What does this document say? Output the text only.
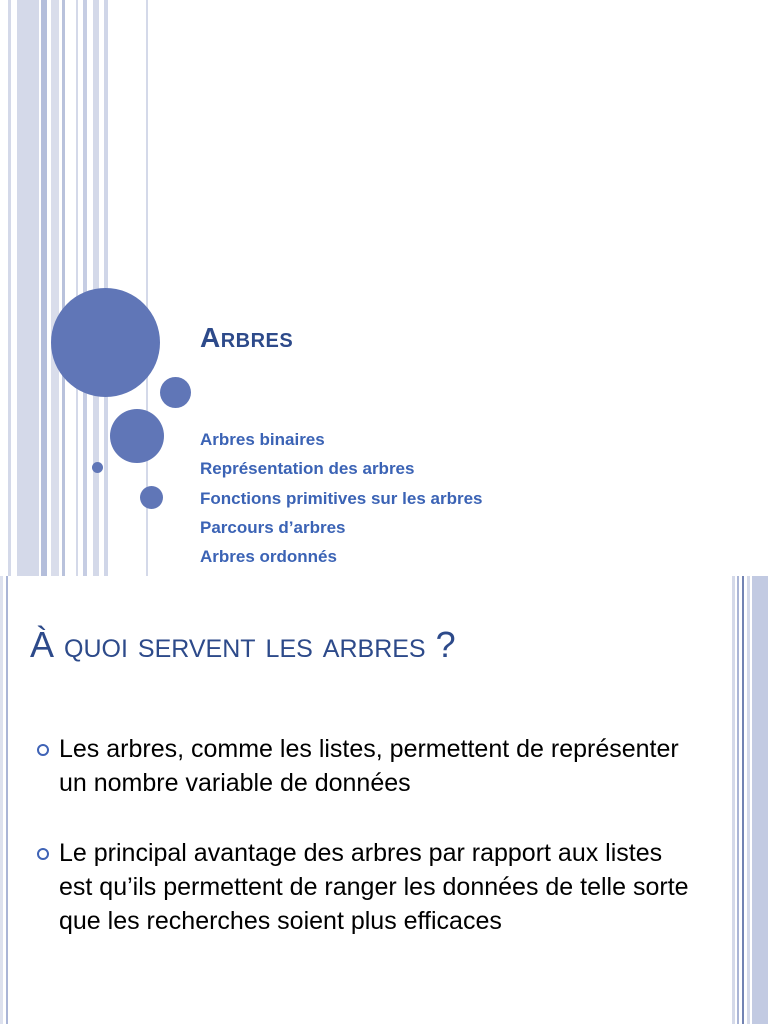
Arbres
Arbres binaires
Représentation des arbres
Fonctions primitives sur les arbres
Parcours d’arbres
Arbres ordonnés
À quoi servent les arbres ?
Les arbres, comme les listes, permettent de représenter un nombre variable de données
Le principal avantage des arbres par rapport aux listes est qu’ils permettent de ranger les données de telle sorte que les recherches soient plus efficaces
